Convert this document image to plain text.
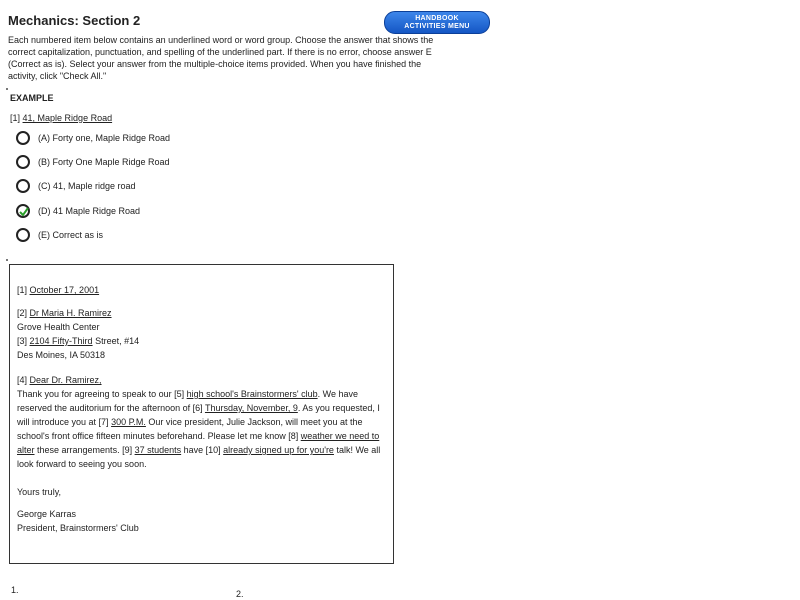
Mechanics: Section 2	HANDBOOK
ACTIVITIES MENU
Each numbered item below contains an underlined word or word group. Choose the answer that shows the correct capitalization, punctuation, and spelling of the underlined part. If there is no error, choose answer E (Correct as is). Select your answer from the multiple-choice items provided. When you have finished the activity, click "Check All."
EXAMPLE
[1] 41, Maple Ridge Road
(A) Forty one, Maple Ridge Road
(B) Forty One Maple Ridge Road
(C) 41, Maple ridge road
(D) 41 Maple Ridge Road
(E) Correct as is
[1] October 17, 2001
[2] Dr Maria H. Ramirez
Grove Health Center
[3] 2104 Fifty-Third Street, #14
Des Moines, IA 50318
[4] Dear Dr. Ramirez,
Thank you for agreeing to speak to our [5] high school's Brainstormers' club. We have reserved the auditorium for the afternoon of [6] Thursday, November, 9. As you requested, I will introduce you at [7] 300 P.M. Our vice president, Julie Jackson, will meet you at the school's front office fifteen minutes beforehand. Please let me know [8] weather we need to alter these arrangements. [9] 37 students have [10] already signed up for you're talk! We all look forward to seeing you soon.
Yours truly,
George Karras
President, Brainstormers' Club
1.	2.
